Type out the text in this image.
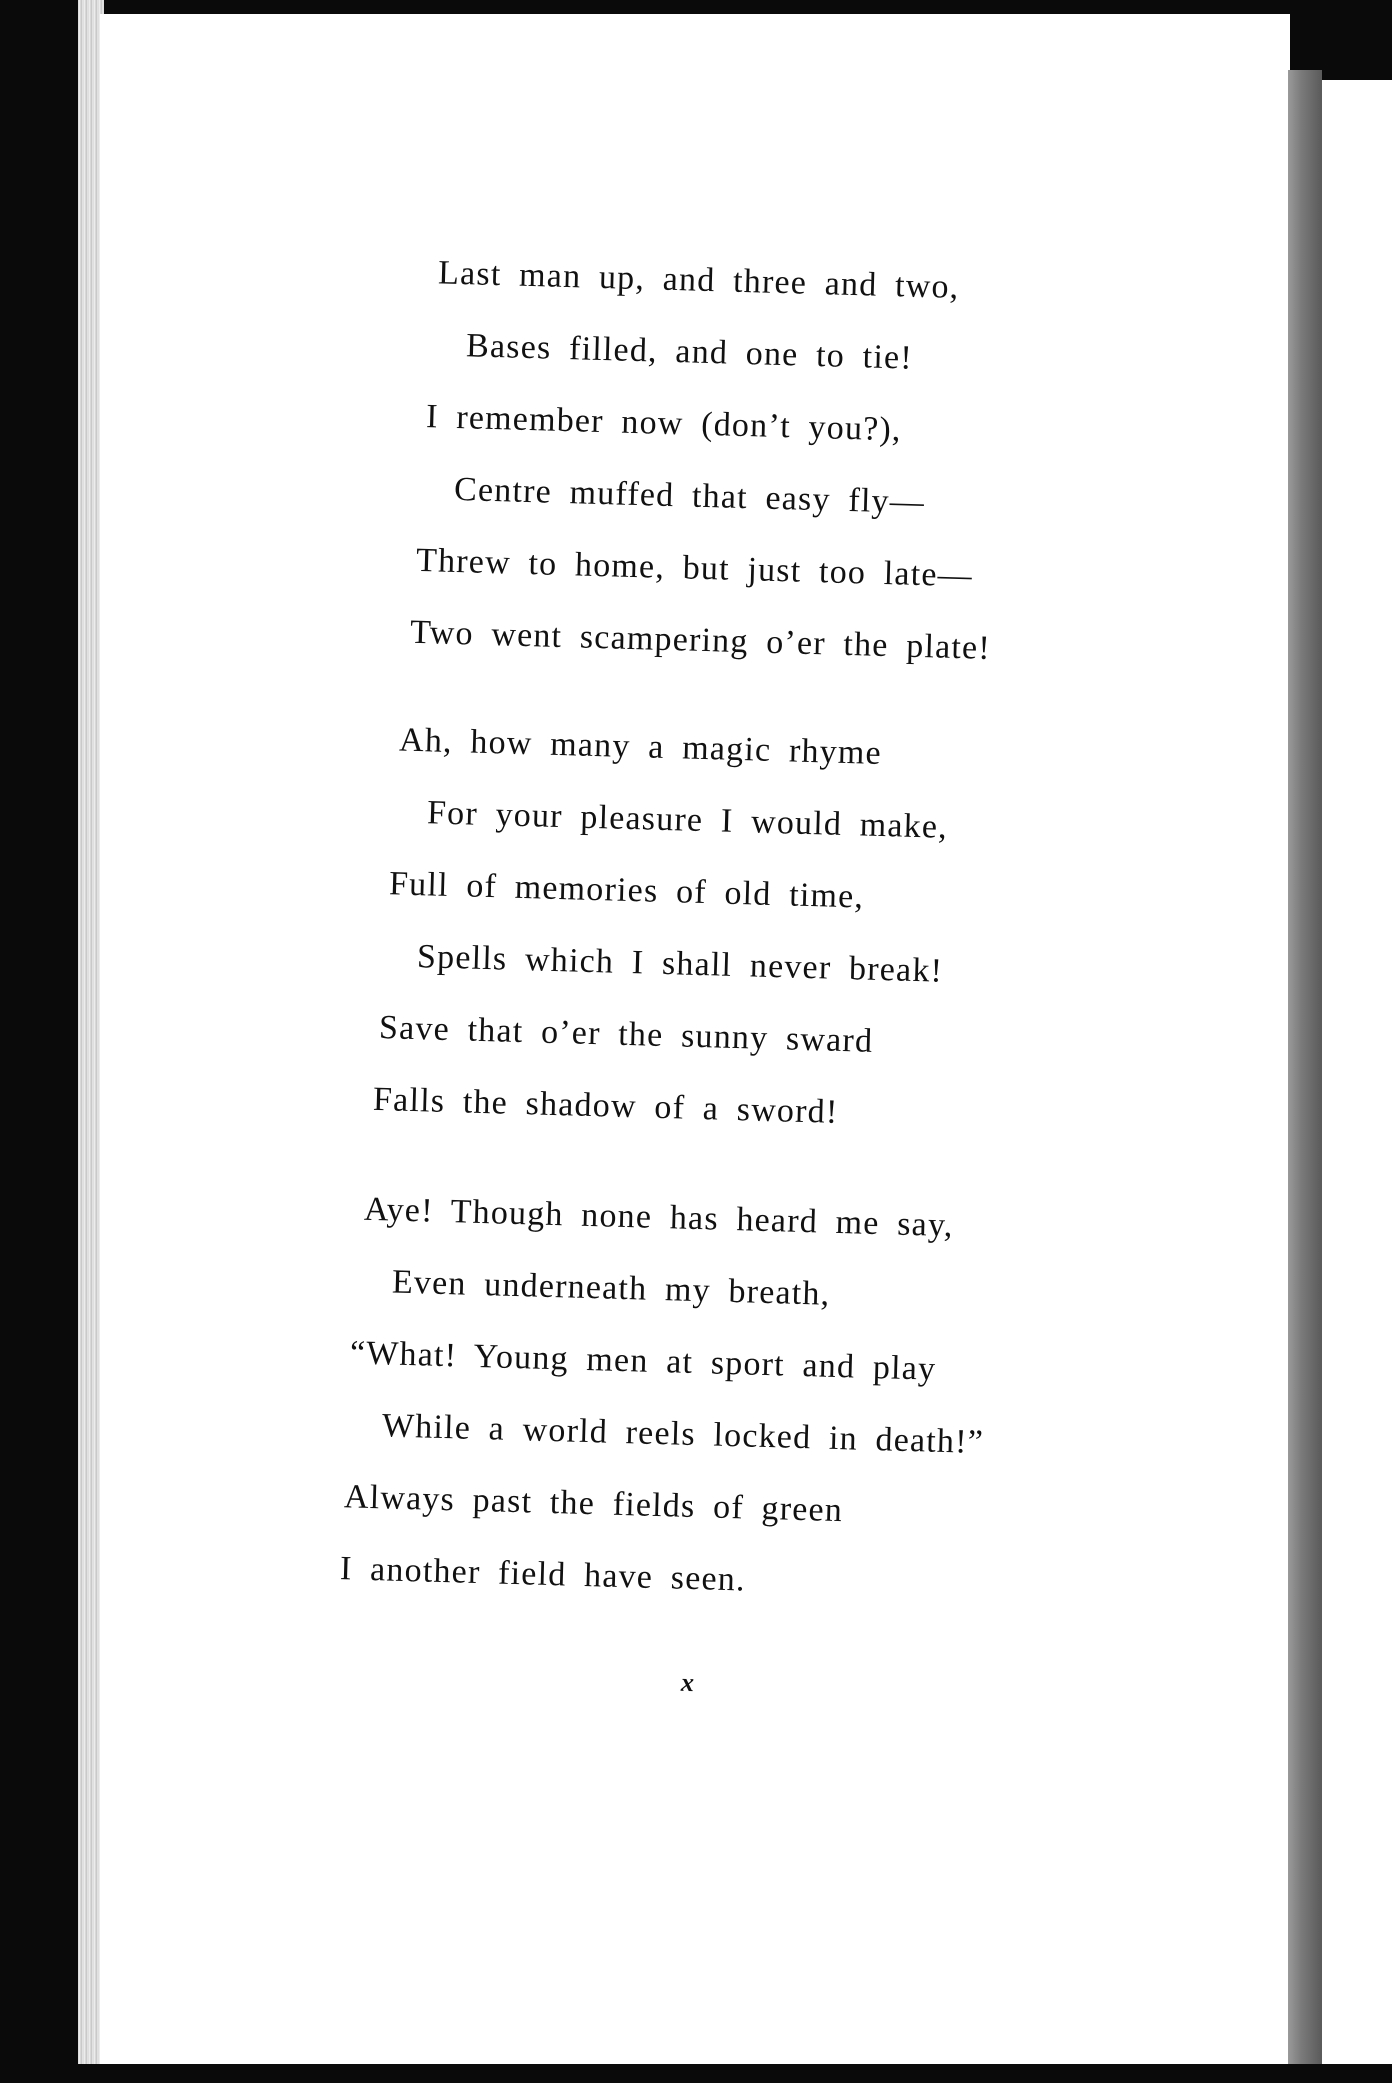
Last man up, and three and two,
Bases filled, and one to tie!
I remember now (don’t you?),
Centre muffed that easy fly—
Threw to home, but just too late—
Two went scampering o’er the plate!
Ah, how many a magic rhyme
For your pleasure I would make,
Full of memories of old time,
Spells which I shall never break!
Save that o’er the sunny sward
Falls the shadow of a sword!
Aye! Though none has heard me say,
Even underneath my breath,
“What! Young men at sport and play
While a world reels locked in death!”
Always past the fields of green
I another field have seen.
x
